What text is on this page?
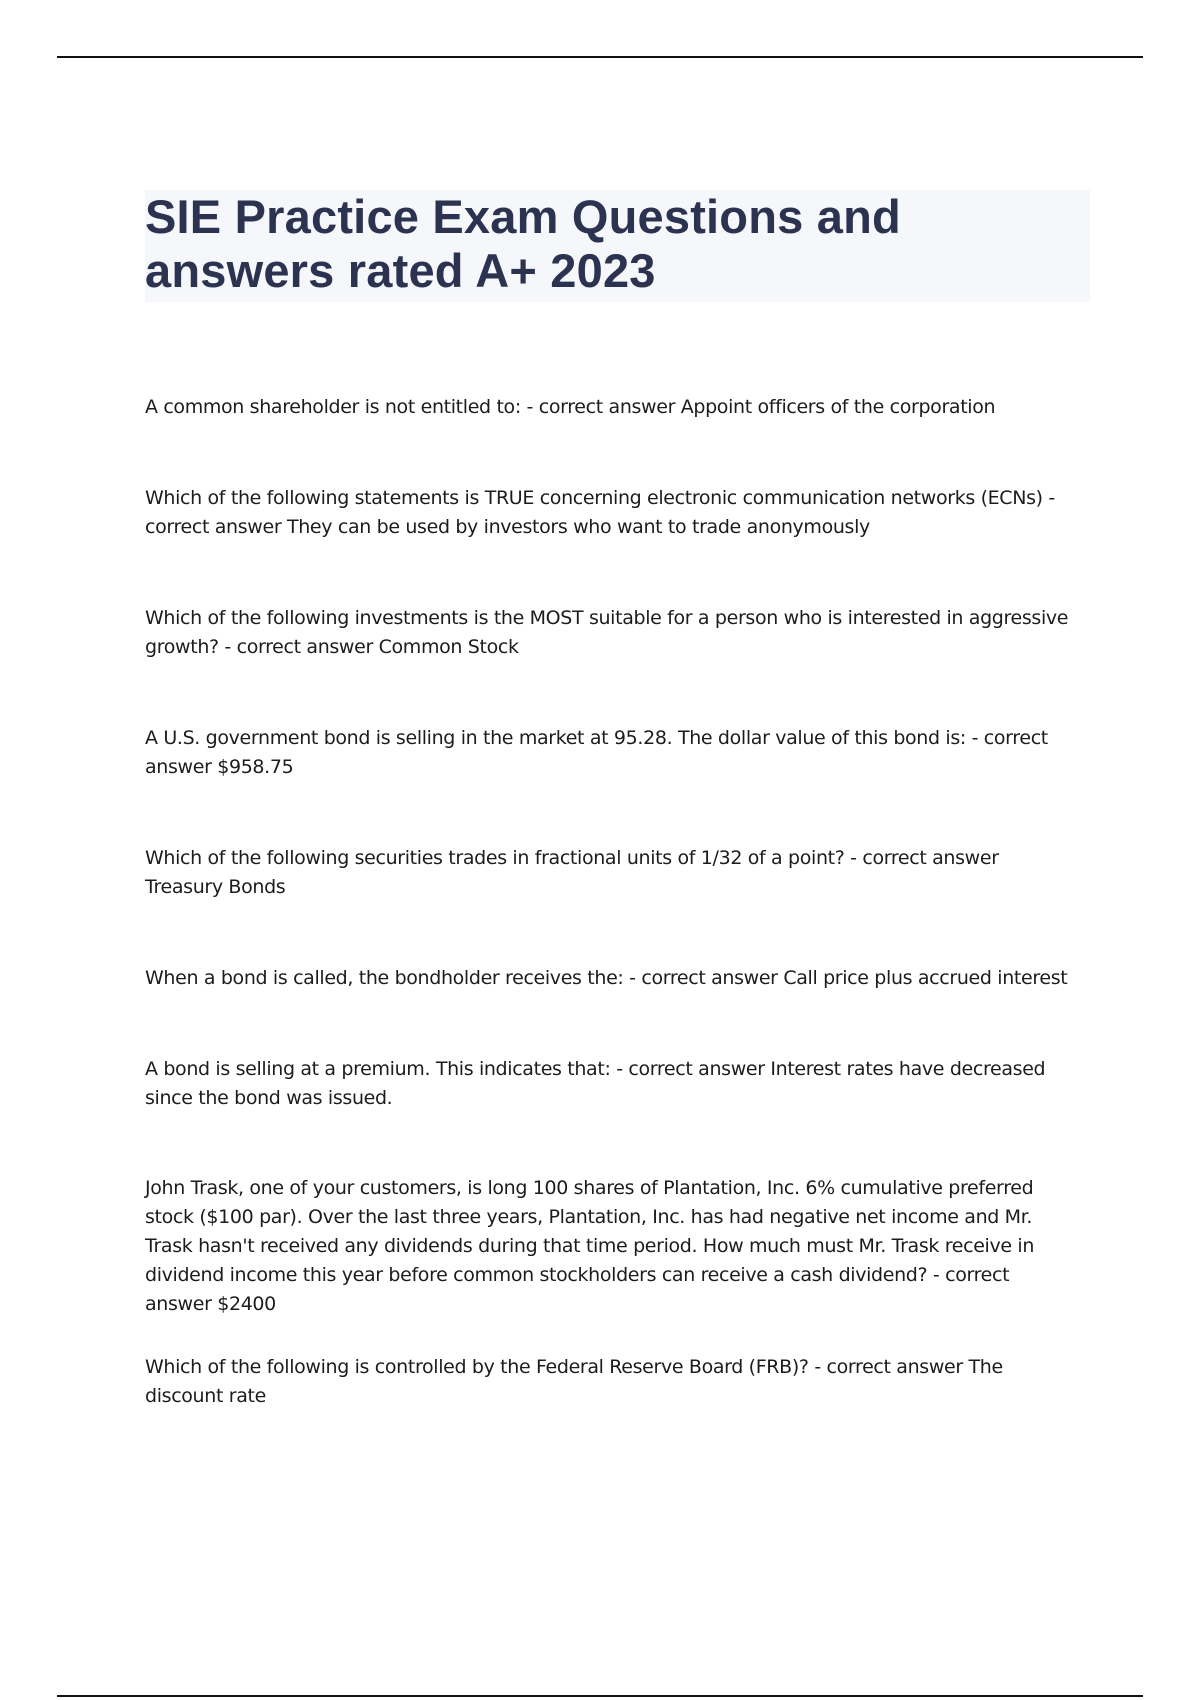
SIE Practice Exam Questions and answers rated A+ 2023

A common shareholder is not entitled to: - correct answer Appoint officers of the corporation

Which of the following statements is TRUE concerning electronic communication networks (ECNs) - correct answer They can be used by investors who want to trade anonymously

Which of the following investments is the MOST suitable for a person who is interested in aggressive growth? - correct answer Common Stock

A U.S. government bond is selling in the market at 95.28. The dollar value of this bond is: - correct answer $958.75

Which of the following securities trades in fractional units of 1/32 of a point? - correct answer Treasury Bonds

When a bond is called, the bondholder receives the: - correct answer Call price plus accrued interest

A bond is selling at a premium. This indicates that: - correct answer Interest rates have decreased since the bond was issued.

John Trask, one of your customers, is long 100 shares of Plantation, Inc. 6% cumulative preferred stock ($100 par). Over the last three years, Plantation, Inc. has had negative net income and Mr. Trask hasn't received any dividends during that time period. How much must Mr. Trask receive in dividend income this year before common stockholders can receive a cash dividend? - correct answer $2400

Which of the following is controlled by the Federal Reserve Board (FRB)? - correct answer The discount rate
